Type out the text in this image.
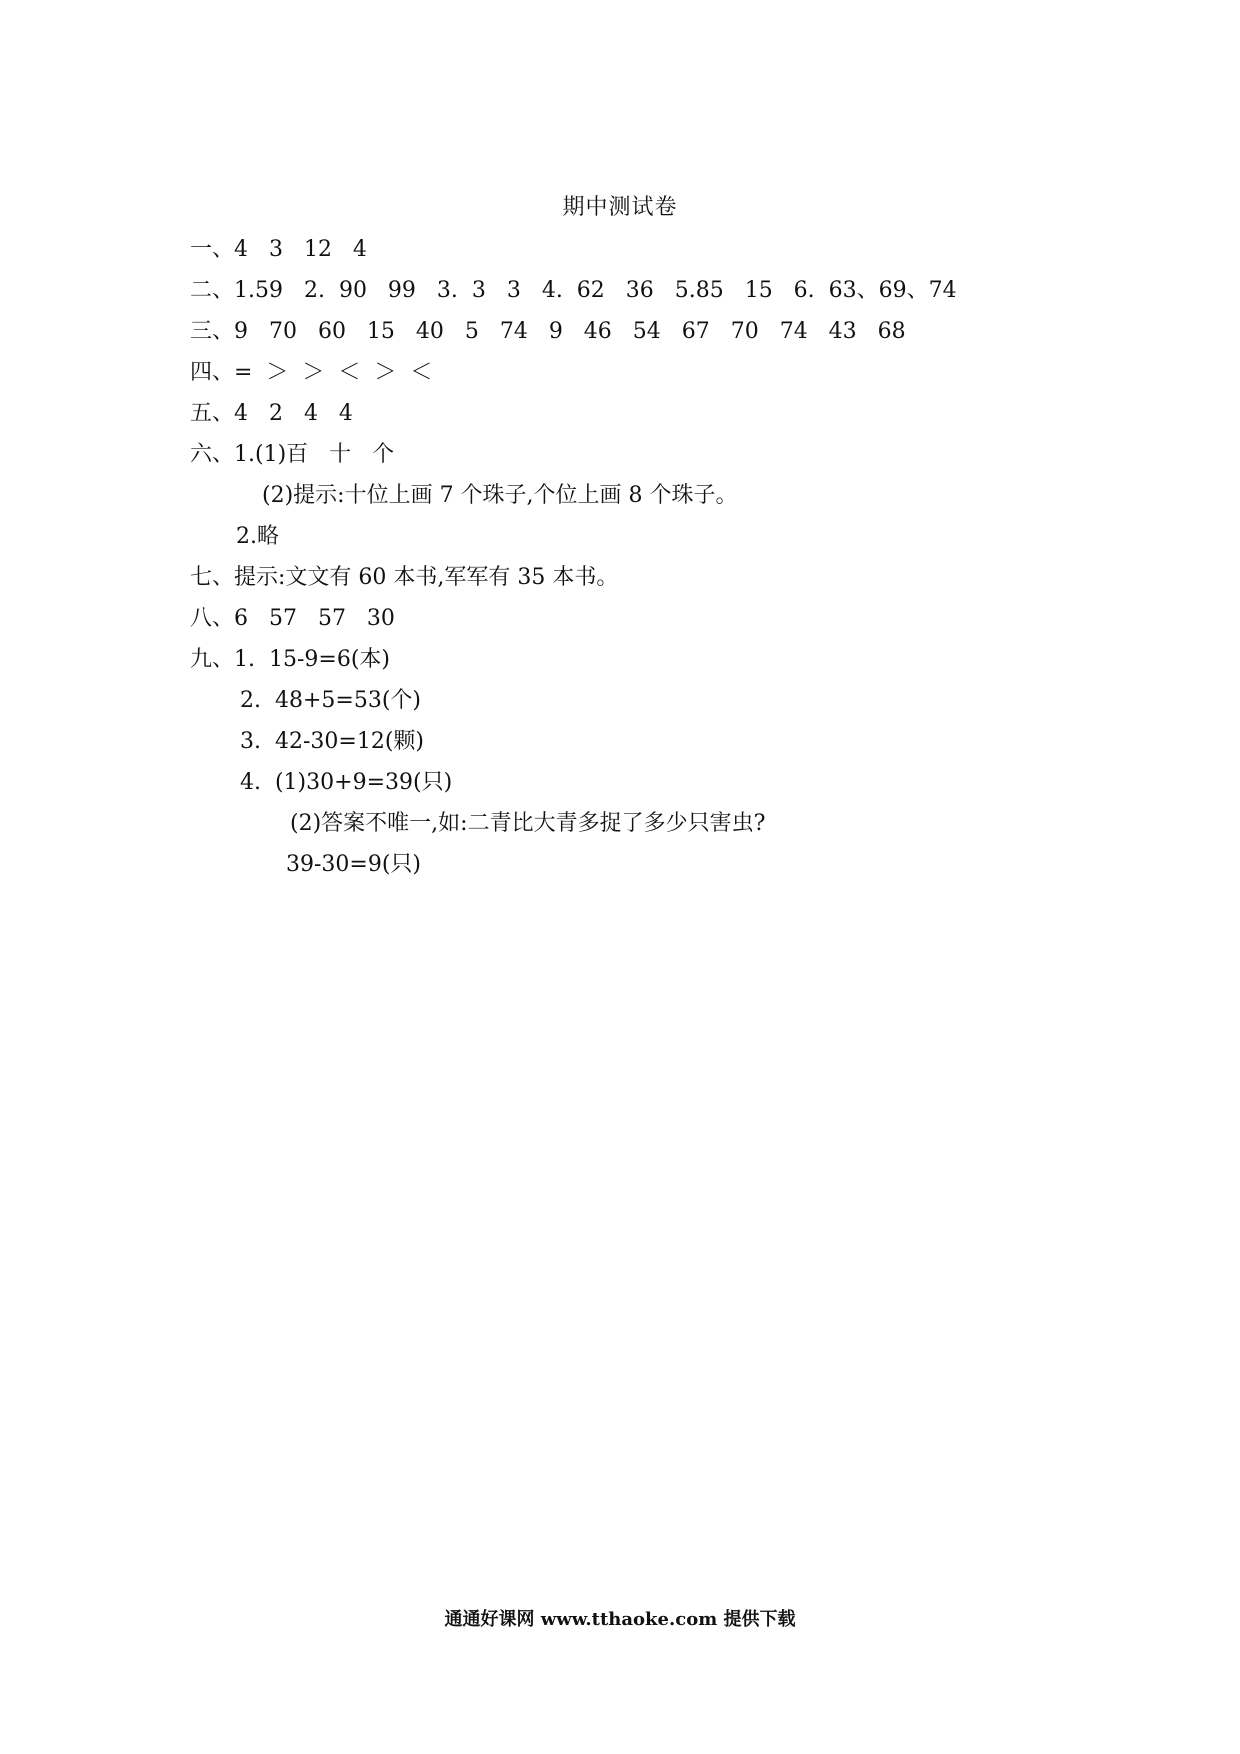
期中测试卷
一、4   3   12   4
二、1.59   2.  90   99   3.  3   3   4.  62   36   5.85   15   6.  63、69、74
三、9   70   60   15   40   5   74   9   46   54   67   70   74   43   68
四、=  ＞  ＞  ＜  ＞  ＜
五、4   2   4   4
六、1.(1)百   十   个
(2)提示:十位上画 7 个珠子,个位上画 8 个珠子。
2.略
七、提示:文文有 60 本书,军军有 35 本书。
八、6   57   57   30
九、1.  15-9=6(本)
2.  48+5=53(个)
3.  42-30=12(颗)
4.  (1)30+9=39(只)
(2)答案不唯一,如:二青比大青多捉了多少只害虫?
39-30=9(只)
通通好课网 www.tthaoke.com 提供下载
